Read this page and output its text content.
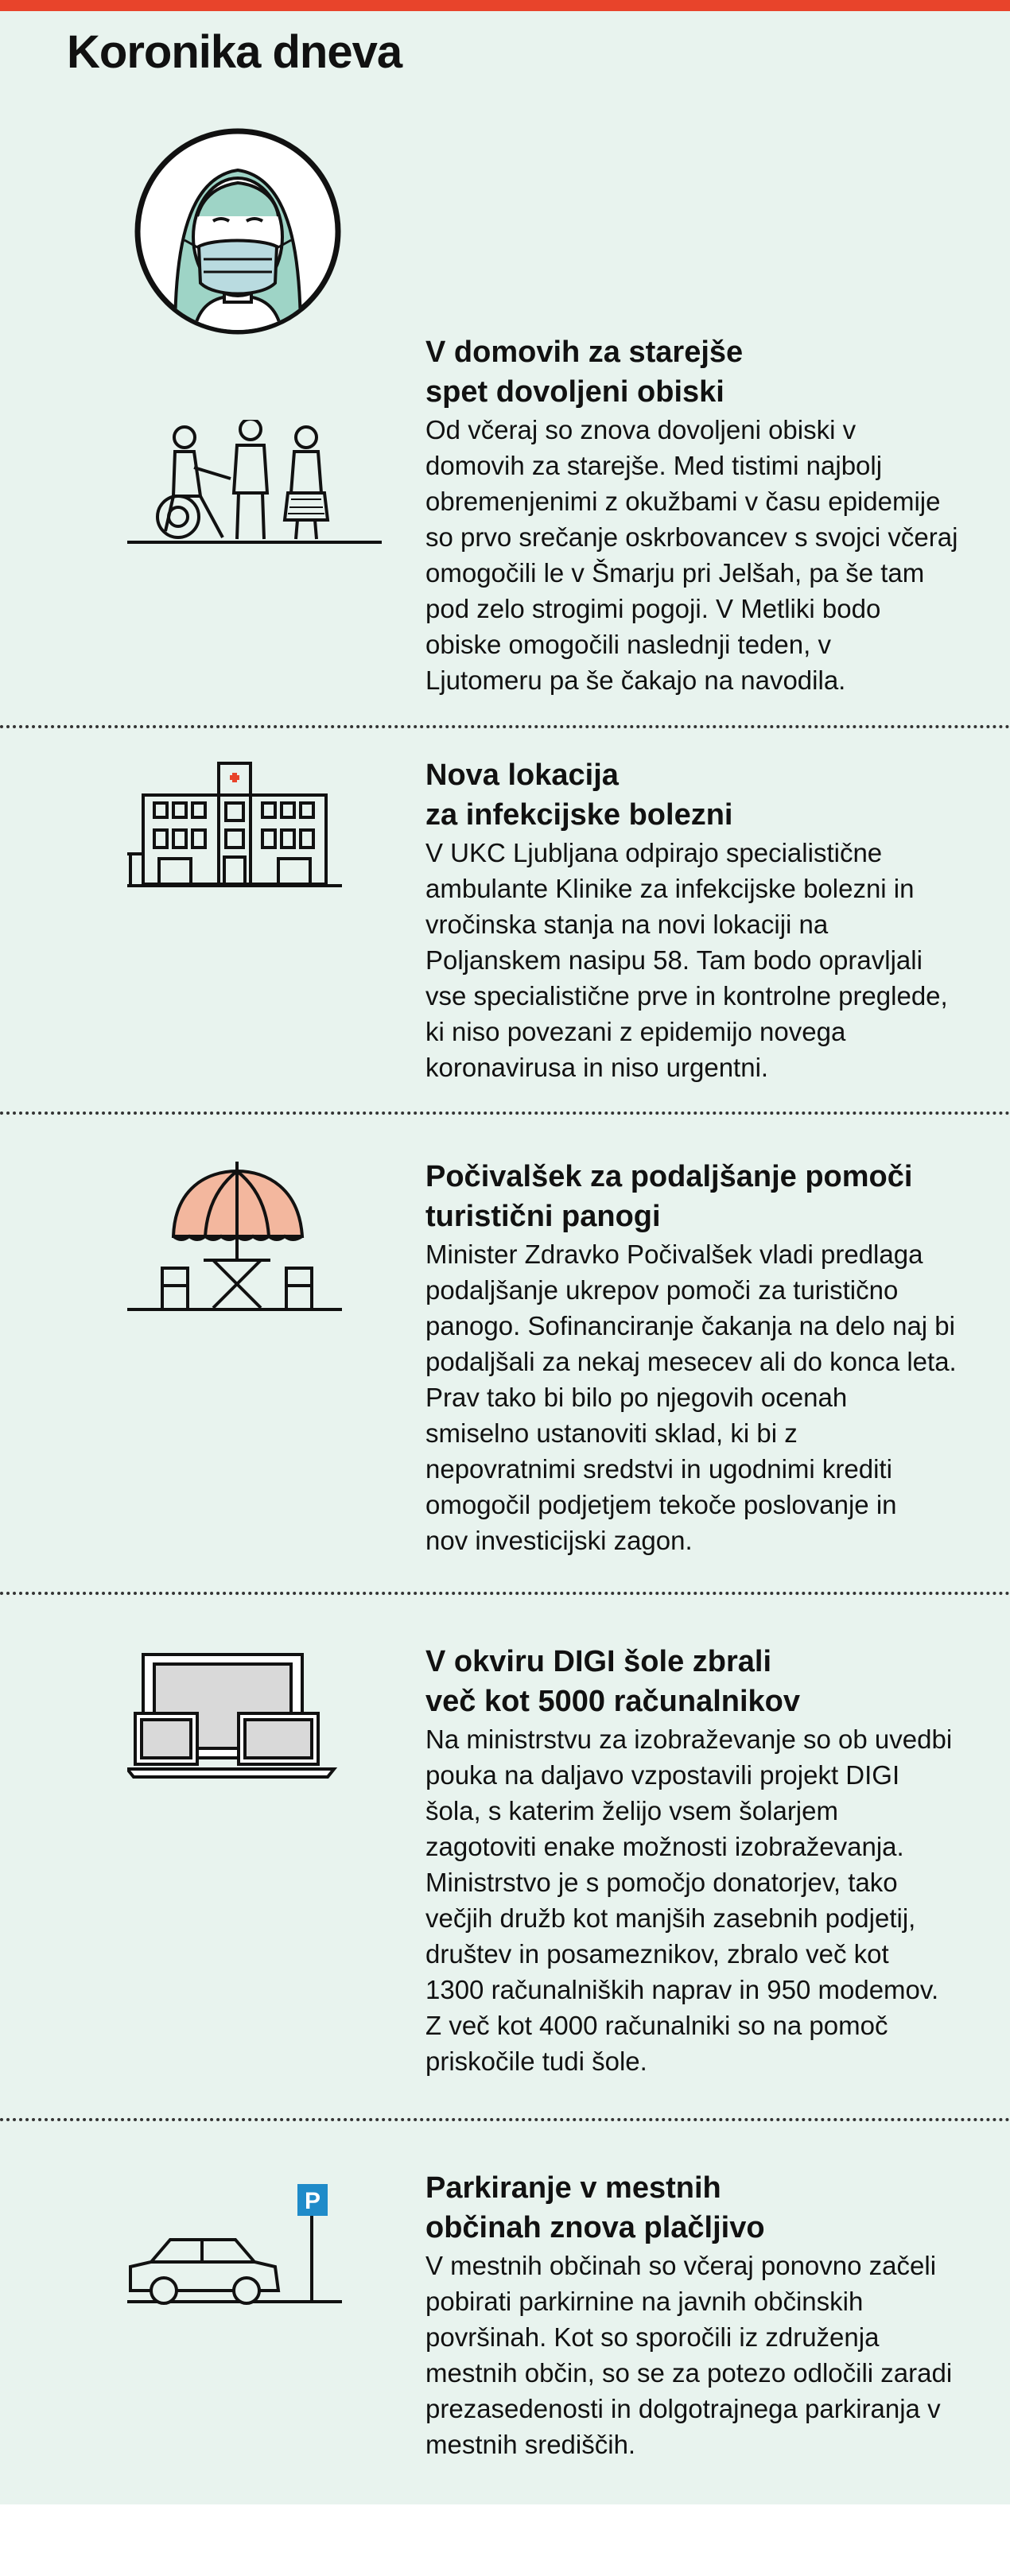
Koronika dneva

V domovih za starejše

spet dovoljeni obiski

Od včeraj so znova dovoljeni obiski v

domovih za starejše. Med tistimi najbolj

obremenjenimi z okužbami v času epidemije

so prvo srečanje oskrbovancev s svojci včeraj

omogočili le v Šmarju pri Jelšah, pa še tam

pod zelo strogimi pogoji. V Metliki bodo

obiske omogočili naslednji teden, v

Ljutomeru pa še čakajo na navodila.

Nova lokacija

za infekcijske bolezni

V UKC Ljubljana odpirajo specialistične

ambulante Klinike za infekcijske bolezni in

vročinska stanja na novi lokaciji na

Poljanskem nasipu 58. Tam bodo opravljali

vse specialistične prve in kontrolne preglede,

ki niso povezani z epidemijo novega

koronavirusa in niso urgentni.

Počivalšek za podaljšanje pomoči

turistični panogi

Minister Zdravko Počivalšek vladi predlaga

podaljšanje ukrepov pomoči za turistično

panogo. Sofinanciranje čakanja na delo naj bi

podaljšali za nekaj mesecev ali do konca leta.

Prav tako bi bilo po njegovih ocenah

smiselno ustanoviti sklad, ki bi z

nepovratnimi sredstvi in ugodnimi krediti

omogočil podjetjem tekoče poslovanje in

nov investicijski zagon.

V okviru DIGI šole zbrali

več kot 5000 računalnikov

Na ministrstvu za izobraževanje so ob uvedbi

pouka na daljavo vzpostavili projekt DIGI

šola, s katerim želijo vsem šolarjem

zagotoviti enake možnosti izobraževanja.

Ministrstvo je s pomočjo donatorjev, tako

večjih družb kot manjših zasebnih podjetij,

društev in posameznikov, zbralo več kot

1300 računalniških naprav in 950 modemov.

Z več kot 4000 računalniki so na pomoč

priskočile tudi šole.

P	Parkiranje v mestnih

občinah znova plačljivo

V mestnih občinah so včeraj ponovno začeli

pobirati parkirnine na javnih občinskih

površinah. Kot so sporočili iz združenja

mestnih občin, so se za potezo odločili zaradi

prezasedenosti in dolgotrajnega parkiranja v

mestnih središčih.
